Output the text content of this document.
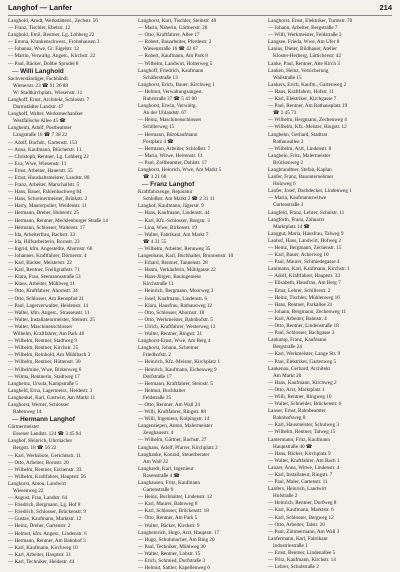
Langhof — Lanfer	214
Langhold, Arndt, Werkstättenl., Zechstr. 56
— Franz, Tischler, Ebelstr. 12
Langhold, Emil, Rentner, Lg. Lohberg 22
— Emma, Krankenschwest., Frohnhausen 3
— Johanna, Wwe, Gr. Eigelstr. 12
— Martin, Verwaltg. Angest., Kirchstr. 22
— Paul, Bäcker, Dobbe Sprudel 8
— Willi Langhold
Sachverständiger, Fachhändl.
Wienerstr. 23 ☎ 91 36 88
W: Stadtkirchplatz, Wiesenstr. 11
Langhoff, Ernst, Architekt, Schlosstr. 7
Darmstädter Landstr. 47
Langhoff, Walter, Werksmechaniker
Westfälische Allee 45 ☎
Langheim, Adolf, Postbeamter
Langstraße 16 ☎ 7 38 22
— Adolf, Buchdr., Gartenstr. 153
— Anna, Kaufmann, Blücherstr. 11
— Christoph, Rentner, Lg. Lohberg 22
— Eva, Wwe, Wiesenstr. 11
— Ernst, Arbeiter, Hauerstr. 55
— Ernst, Haushaltsmeister, Landstr. 80
— Franz, Arbeiter, Marschallstr. 5
— Hans, Bauer, Fahlenbachweg 84
— Hans, Schreinermeister, Brinkstr. 2
— Harry, Maurerpolier, Weidenstr. 11
— Hermann, Dreher, Huberstr. 25
— Hermann, Rentner, Mecklenburger Straße 14
— Hermann, Schlosser, Walterstr. 17
— Ida, Arbeiterfrau, Bachstr. 33
— Ida, Hilfsarbeiterin, Bornstr. 23
— Ingrid, kfm. Angestellte, Ahornstr. 66
— Johannes, Kraftfahrer, Dörnerstr. 4
— Karl, Bäcker, Meisterstr. 22
— Karl, Rentner, Freiligrathstr. 71
— Klara, Frau, Seemannsstraße 53
— Klaus, Arbeiter, Mühlweg 11
— Otto, Kraftfahrer, Ahornstr. 34
— Otto, Schlosser, Am Rennpfad 21
— Paul, Lagerverwalter, Heidenstr. 14
— Walter, kfm. Angest., Strassenstr. 11
— Walter, Installateurmeister, Steinstr. 25
— Walter, Maschinenschlosser
Wilhelm, Kraftfahrer, Am Park 48
— Wilhelm, Rentner, Stadtweg 9
— Wilhelm, Rentner, Kirchstr. 25
— Wilhelm, Reinhold, Am Mühlbach 3
— Wilhelm, Rentner, Hüttenstr. 30
— Wilhelmine, Wwe, Birkenweg 6
— Wilma, Rentnerin, Stadtweg 17
Langheinz, Ursula, Kampstraße 5
Langheld, Erna, Lagermeist., Heidestr. 3
Langhenkel, Karl, Gastwirt, Am Markt 11
Langhorst, Werner, Schlosser
Rabenweg 14
— Hermann Langhof
Gärtnermeister
Essener Landstr. 124 ☎ 3 45 94
Langhof, Heinrich, Uhrmacher
Bergstr. 18 ☎ 56 22
— Karl, Werksbote, Gerichtsstr. 11
— Otto, Arbeiter, Bornstr. 20
— Wilhelm, Rentner, Eschenstr. 33
— Wilhelm, Kraftfahrer, Hauptstr. 56
Langhorst, Anton, Landwirt
Wiesenweg 22
— August, Frau, Landstr. 64
— Friedrich, Bergmann, Lg. Hof 8
— Friedrich, Schlosser, Brückenstr. 9
— Gustav, Kaufmann, Marktstr. 12
— Heinz, Dreher, Gartenstr. 2
— Helmut, kfm. Angest., Lindenstr. 6
— Hermann, Rentner, Am Bahnhof 3
— Karl, Kaufmann, Kirchweg 10
— Karl, Arbeiter, Hauptstr. 31
— Karl, Techniker, Heidestr. 44
Langhorst, Kurt, Tischler, Steinstr. 40
— Maria, Näherin, Gärtnerstr. 28
— Otto, Kraftfahrer, Allee 17
— Robert, Bauarbeiter, Pferdestr. 2
Wiesenstraße 16 ☎ 42 67
— Robert, Kaufmann, Am Park 8
— Wilhelm, Landwirt, Holterweg 5
Langhoff, Friedrich, Kaufmann
Schäferstraße 13
Langhorst, Erich, Bauer, Kirchweg 1
— Helmut, Verwaltungsangest.
Ruhrstraße 37 ☎ 5 41 00
Langhorst, Erwin, Verwaltg.
An der Uhlandstr. 67
— Heinz, Maschinenschlosser
Schillerweg 15
— Hermann, Bürokaufmann
Postplatz 4 ☎
— Hermann, Arbeiter, Schloßstr. 7
— Maria, Witwe, Herrenstr. 11
— Paul, Zollbeamter, Dahlstr. 17
Langhorst, Heinrich, Wwe, Am Markt 5
☎ 3 21 68
— Franz Langhof
Kraftfahrzeuge, Reparatur
Schloßstr. Am Markt 2 ☎ 2 31 11
Langhof, Kaufmann, Jägerstr. 9
— Hans, Kaufmann, Lindenstr. 44
— Karl, Kfz.-Schlosser, Burgstr. 3
— Lina, Wwe, Birkenstr. 19
— Walter, Fabrikant, Am Markt 7
☎ 4 31 55
— Wilhelm, Arbeiter, Rennweg 35
Langenhaus, Karl, Buchhalter, Brunnenstr. 10
— Erhard, Rentner, Tannenstr. 28
— Hanni, Verkäuferin, Mühlgasse 22
— Hans-Jürgen, Bauingenieur
Kirchstraße 11
— Heinrich, Bergmann, Moorweg 3
— Josef, Kaufmann, Lindenstr. 6
— Klara, Hausfrau, Rathausweg 12
— Otto, Schlosser, Ahornstr. 18
— Otto, Werkmeister, Bahnhofstr. 5
— Ulrich, Kraftfahrer, Westerweg 13
— Walter, Rentner, Ringstr. 31
Langhorst-Ernst, Wwe, Am Berg 4
Langhorst, Johann, Schreiner
Friedhofstr. 2
— Heinrich, Kfz.-Meister, Kirchplatz 1
— Heinrich, Kaufmann, Eichenweg 9
Dorfstraße 17
— Hermann, Kraftfahrer, Steinstr. 5
— Helmut, Buchhalter
Feldstraße 35
— Otto, Rentner, Am Wall 24
— Willi, Kraftfahrer, Ringstr. 88
— Willi, Ingenieur, Kolpingstr. 14
Langensiepen, Anton, Malermeister
Zeughausstr. 4
— Wilhelm, Gärtner, Bachstr. 27
Langhans, Adolf, Pfarrer, Kirchplatz 2
Langhanke, Konrad, Steuerberater
Am Wall 22
Langhardt, Karl, Ingenieur
Rosenstraße 4 ☎
Langhausen, Fritz, Kaufmann
Gartenstraße 9
— Heinz, Buchhalter, Lindenstr. 12
— Karl, Maurer, Bahnweg 8
— Karl, Schlosser, Brückenstr. 18
— Otto, Rentner, Am Park 5
— Walter, Bäcker, Kirchstr. 9
Langheinrich, Hugo, Arzt, Hauptstr. 17
— Hugo, Schuhmacher, Am Ring 20
— Paul, Techniker, Mühlweg 30
— Walter, Rentner, Lohstr. 15
— Erich, Schmied, Dorfstraße 3
— Helmut, Sattler, Kapellenweg 6
Langhorst, Ernst, Elektriker, Turmstr. 70
— Johann, Arbeiter, Bergstraße 7
— Willi, Werkmeister, Feldstraße 2
Langsee, Frieda, Wwe, Am Ufer 8
Lanius, Dieter, Bildhauer, Atelier
Kloster-Herberg, Lütticherstr. 42
Lanke, Paul, Rentner, Alte Kirch 3
Lanken, Heinz, Versicherung
Wallstraße 15
Lankers, Erich, Kaufm., Gartenweg 2
— Hans, Kraftfahrer, Hofstr. 11
— Karl, Elektriker, Kirchgasse 7
— Paul, Rentner, Am Rathausplatz 19
☎ 2 45 73
— Wilhelm, Bergmann, Zechenweg 4
— Wilhelm, Kfz.-Meister, Ringstr. 12
Langbehn, Gerhard, Stadtrat
Rathausallee 3
— Wilhelm, Arzt, Lindenstr. 8
Langbein, Fritz, Malermeister
Brückenweg 2
Langbrandtner, Stefan, Kaplan
Lanfer, Franz, Bauunternehmer
Holzweg 6
Lanfer, Josef, Dachdecker, Lindenweg 1
— Maria, Kaufmannswitwe
Gartenstraße 3
Langfeld, Franz, Lehrer, Schulstr. 11
Langforth, Franz, Zahnarzt
Marktplatz 14 ☎
Langgut, Maria, Hausfrau, Talweg 9
Lanhof, Hans, Landwirt, Hofweg 2
— Heinz, Bergmann, Zechenstr. 15
— Karl, Bauer, Ackerweg 10
— Paul, Maurer, Schmiedegasse 4
Lanimann, Karl, Kaufmann, Kirchstr. 1
— Adolf, Kraftfahrer, Hauptstr. 33
— Elisabeth, Hausfrau, Am Berg 7
— Ernst, Lehrer, Schillerstr. 2
— Heinz, Tischler, Mühlenweg 16
— Hans, Rentner, Parkallee 21
— Johann, Bergmann, Zechenweg 11
— Karl, Arbeiter, Bahnstr. 4
— Otto, Rentner, Lindenstraße 18
— Paul, Schlosser, Bachgasse 3
Lankamp, Franz, Kaufmann
Bergstraße 24
— Karl, Werkmeister, Lange Str. 9
— Paul, Elektriker, Gartenweg 5
Lankenau, Gerhard, Architekt
Am Markt 20
— Hans, Kaufmann, Kirchweg 2
— Otto, Arzt, Marktplatz 1
— Willi, Rentner, Ringweg 10
— Walter, Schneider, Brückenstr. 6
Lanser, Ernst, Bahnbeamter
Bahnhofsweg 8
— Karl, Hausmeister, Schulweg 3
— Wilhelm, Rentner, Talweg 15
Lantermann, Fritz, Kaufmann
Hauptstraße 40 ☎
— Hans, Bäcker, Kirchplatz 9
— Walter, Kraftfahrer, Am Bach 1
Lanzer, Anna, Witwe, Lindenstr. 4
— Karl, Installateur, Ringstr. 7
— Paul, Maler, Gartenstr. 11
Lanfers, Heinrich, Landwirt
Hofstraße 2
— Heinrich, Rentner, Dorfweg 8
— Karl, Kaufmann, Marktstr. 6
— Karl, Schlosser, Bergweg 12
— Otto, Arbeiter, Talstr. 20
— Paul, Zimmermann, Am Wall 3
Lanfermann, Karl, Fabrikant
Industriestraße 1
— Ernst, Rentner, Lindenallee 5
— Fritz, Kaufmann, Kirchstr. 14
— Lehrer, Schulstraße 2
